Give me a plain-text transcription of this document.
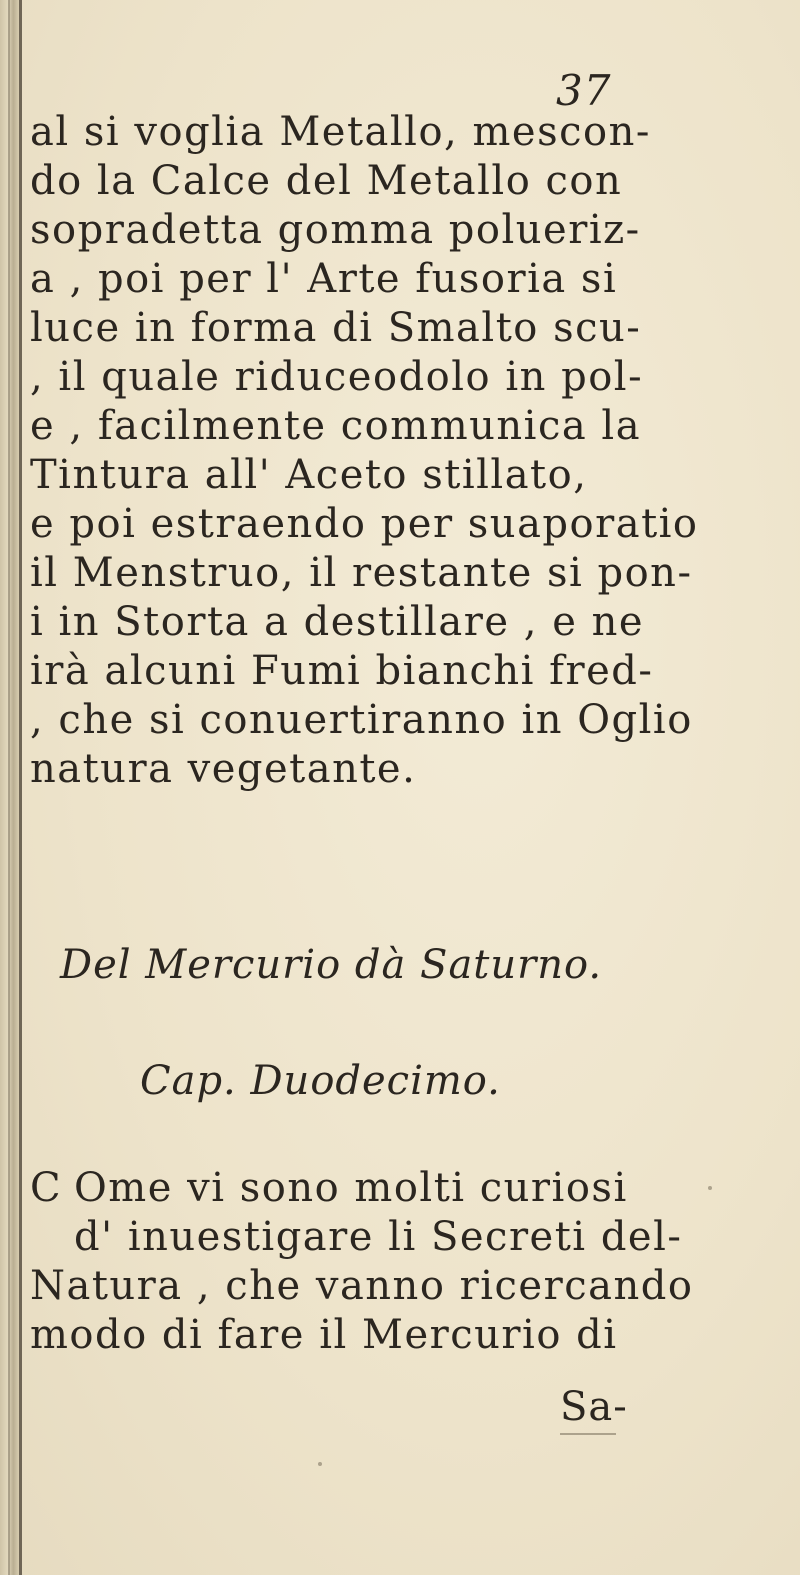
37
al si voglia Metallo, mescon-
do la Calce del Metallo con
sopradetta gomma polueriz-
a , poi per l' Arte fusoria si
luce in forma di Smalto scu-
, il quale riduceodolo in pol-
e , facilmente communica la
Tintura all' Aceto stillato,
e poi estraendo per suaporatio
il Menstruo, il restante si pon-
i in Storta a destillare , e ne
irà alcuni Fumi bianchi fred-
, che si conuertiranno in Oglio
natura vegetante.
Del Mercurio dà Saturno.
Cap. Duodecimo.
C Ome vi sono molti curiosi
d' inuestigare li Secreti del-
Natura , che vanno ricercando
modo di fare il Mercurio di
Sa-
